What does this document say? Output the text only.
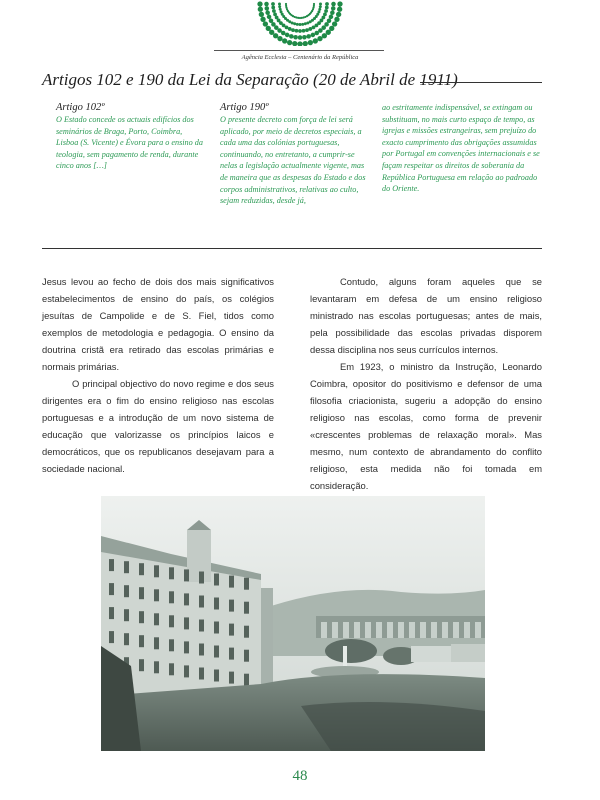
Agência Ecclesia – Centenário da República
Artigos 102 e 190 da Lei da Separação (20 de Abril de 1911)
Artigo 102º

O Estado concede os actuais edifícios dos seminários de Braga, Porto, Coimbra, Lisboa (S. Vicente) e Évora para o ensino da teologia, sem pagamento de renda, durante cinco anos […]

Artigo 190º

O presente decreto com força de lei será aplicado, por meio de decretos especiais, a cada uma das colónias portuguesas, continuando, no entretanto, a cumprir-se nelas a legislação actualmente vigente, mas de maneira que as despesas do Estado e dos corpos administrativos, relativas ao culto, sejam reduzidas, desde já,

ao estritamente indispensável, se extingam ou substituam, no mais curto espaço de tempo, as igrejas e missões estrangeiras, sem prejuízo do exacto cumprimento das obrigações assumidas por Portugal em convenções internacionais e se façam respeitar os direitos de soberania da República Portuguesa em relação ao padroado do Oriente.

Jesus levou ao fecho de dois dos mais significativos estabelecimentos de ensino do país, os colégios jesuítas de Campolide e de S. Fiel, tidos como exemplos de metodologia e pedagogia. O ensino da doutrina cristã era retirado das escolas primárias e normais primárias.

O principal objectivo do novo regime e dos seus dirigentes era o fim do ensino religioso nas escolas portuguesas e a introdução de um novo sistema de educação que valorizasse os princípios laicos e democráticos, que os republicanos desejavam para a sociedade nacional.

Contudo, alguns foram aqueles que se levantaram em defesa de um ensino religioso ministrado nas escolas portuguesas; antes de mais, pela possibilidade das escolas privadas disporem dessa disciplina nos seus currículos internos.

Em 1923, o ministro da Instrução, Leonardo Coimbra, opositor do positivismo e defensor de uma filosofia criacionista, sugeriu a adopção do ensino religioso nas escolas, como forma de prevenir «crescentes problemas de relaxação moral». Mas mesmo, num contexto de abrandamento do conflito religioso, esta medida não foi tomada em consideração.

48
